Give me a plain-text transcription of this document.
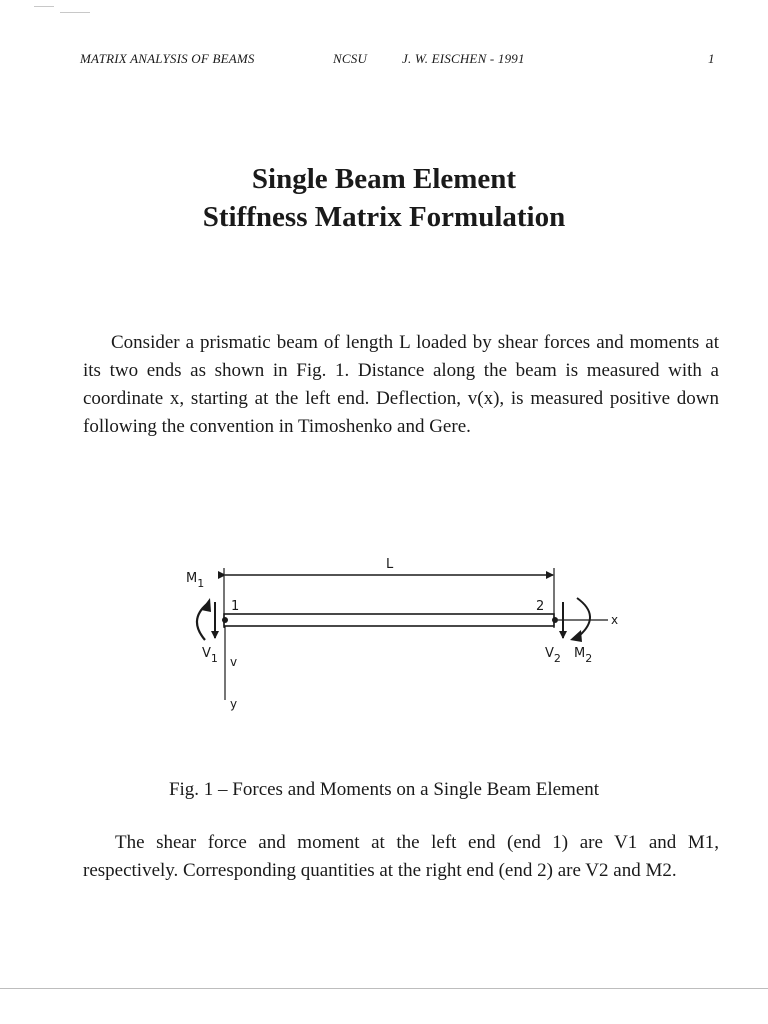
MATRIX ANALYSIS OF BEAMS	NCSU	J. W. EISCHEN - 1991	1
Single Beam Element
Stiffness Matrix Formulation
Consider a prismatic beam of length L loaded by shear forces and moments at its two ends as shown in Fig. 1. Distance along the beam is measured with a coordinate x, starting at the left end. Deflection, v(x), is measured positive down following the convention in Timoshenko and Gere.
L
$M_1$
1	2
$V_1$ v
y
x
$V_2$ $M_2$
Fig. 1 – Forces and Moments on a Single Beam Element
The shear force and moment at the left end (end 1) are V1 and M1, respectively. Corresponding quantities at the right end (end 2) are V2 and M2.
